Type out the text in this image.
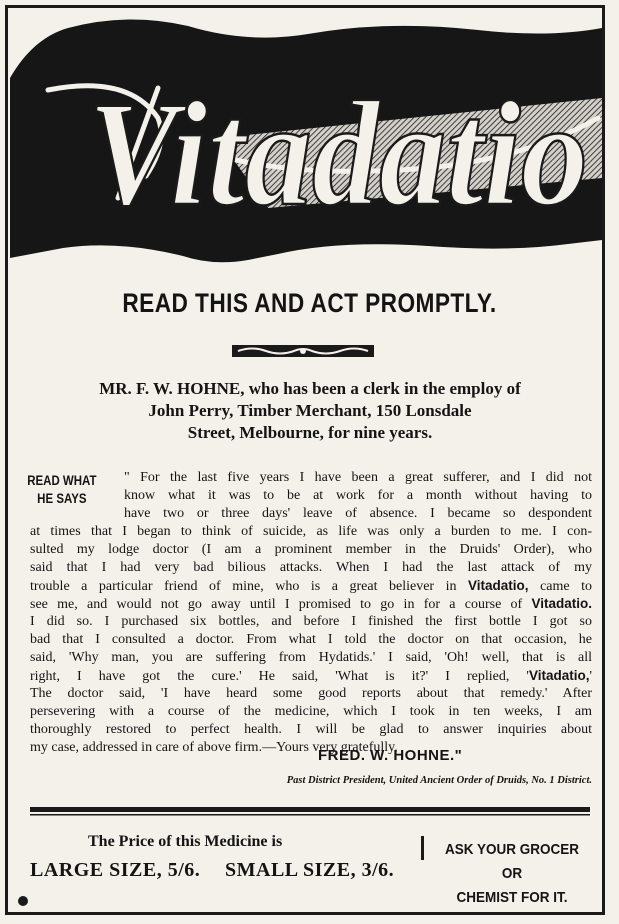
Vitadatio
READ THIS AND ACT PROMPTLY.

MR. F. W. HOHNE, who has been a clerk in the employ of

John Perry, Timber Merchant, 150 Lonsdale

Street, Melbourne, for nine years.

READ WHAT
HE SAYS
" For the last five years I have been a great sufferer, and I did not
know what it was to be at work for a month without having to
have two or three days' leave of absence. I became so despondent
at times that I began to think of suicide, as life was only a burden to me. I con-
sulted my lodge doctor (I am a prominent member in the Druids' Order), who
said that I had very bad bilious attacks. When I had the last attack of my
trouble a particular friend of mine, who is a great believer in Vitadatio, came to
see me, and would not go away until I promised to go in for a course of Vitadatio.
I did so. I purchased six bottles, and before I finished the first bottle I got so
bad that I consulted a doctor. From what I told the doctor on that occasion, he
said, 'Why man, you are suffering from Hydatids.' I said, 'Oh! well, that is all
right, I have got the cure.' He said, 'What is it?' I replied, 'Vitadatio,'
The doctor said, 'I have heard some good reports about that remedy.' After
persevering with a course of the medicine, which I took in ten weeks, I am
thoroughly restored to perfect health. I will be glad to answer inquiries about
my case, addressed in care of above firm.—Yours very gratefully,
FRED. W. HOHNE."
Past District President, United Ancient Order of Druids, No. 1 District.
The Price of this Medicine is
LARGE SIZE, 5/6. SMALL SIZE, 3/6.
ASK YOUR GROCER OR
CHEMIST FOR IT.
